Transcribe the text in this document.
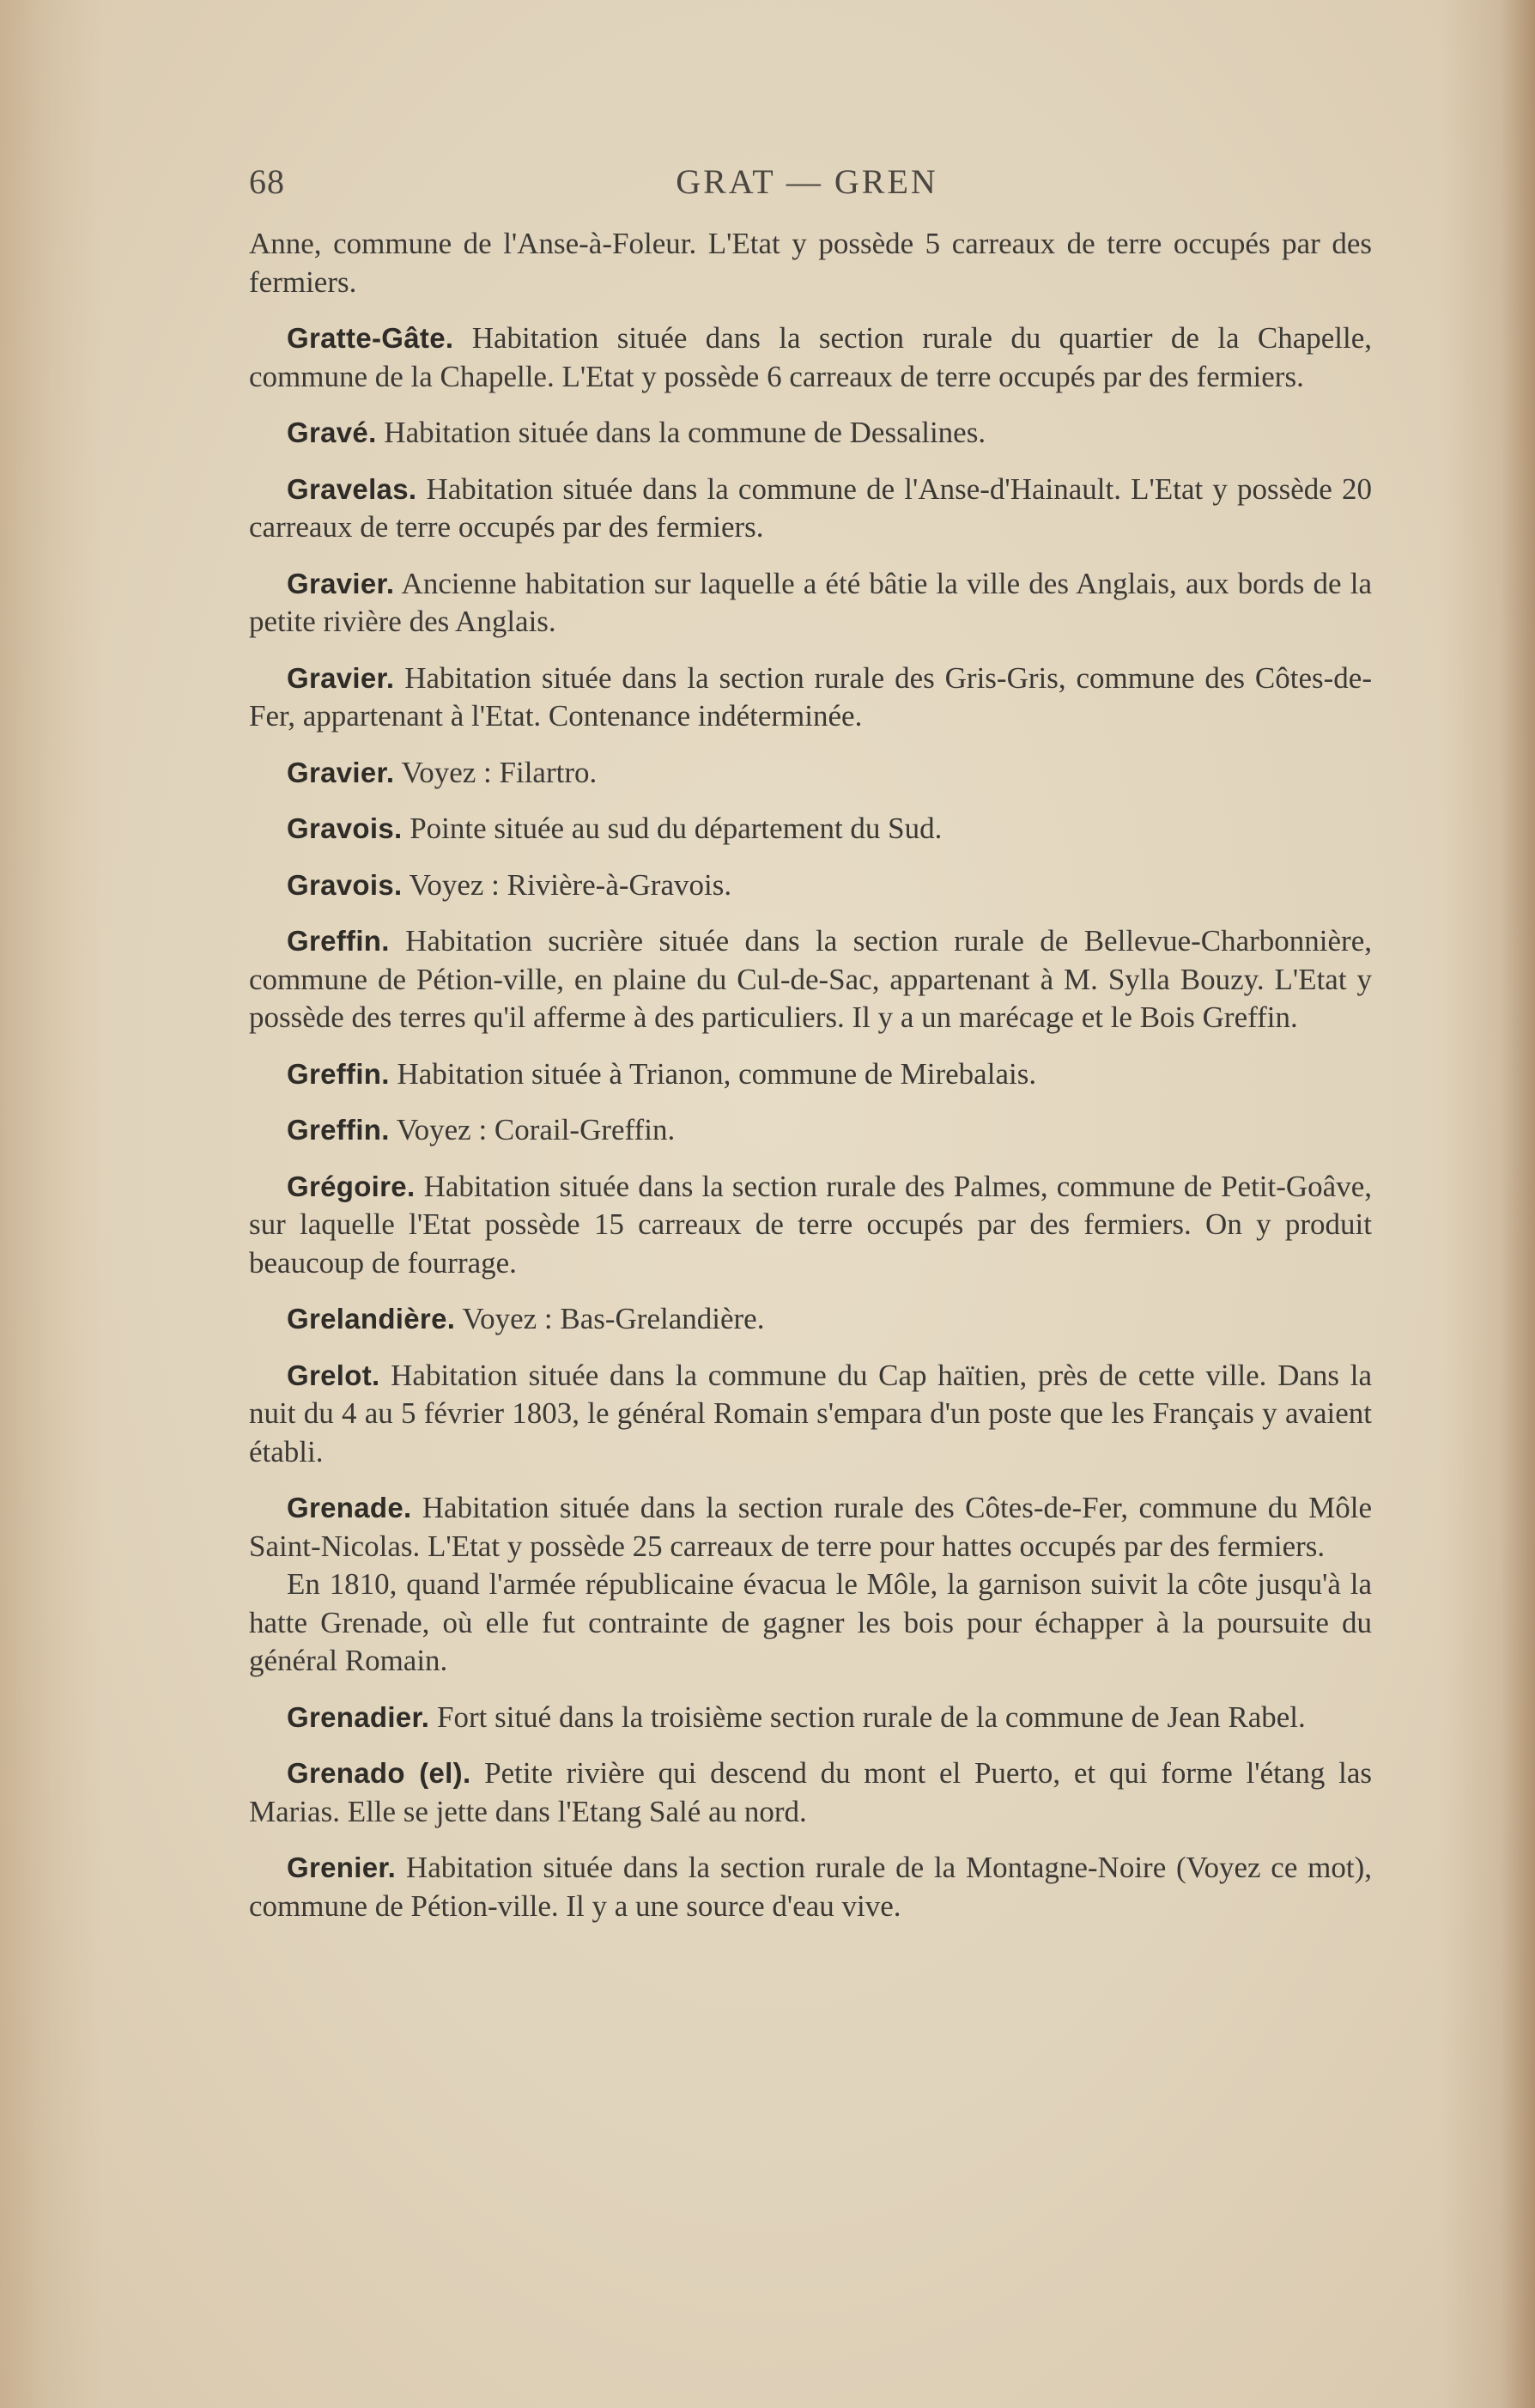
68	GRAT — GREN

Anne, commune de l'Anse-à-Foleur. L'Etat y possède 5 carreaux de terre occupés par des fermiers.

Gratte-Gâte. Habitation située dans la section rurale du quartier de la Chapelle, commune de la Chapelle. L'Etat y possède 6 carreaux de terre occupés par des fermiers.

Gravé. Habitation située dans la commune de Dessalines.

Gravelas. Habitation située dans la commune de l'Anse-d'Hainault. L'Etat y possède 20 carreaux de terre occupés par des fermiers.

Gravier. Ancienne habitation sur laquelle a été bâtie la ville des Anglais, aux bords de la petite rivière des Anglais.

Gravier. Habitation située dans la section rurale des Gris-Gris, commune des Côtes-de-Fer, appartenant à l'Etat. Contenance indéterminée.

Gravier. Voyez : Filartro.

Gravois. Pointe située au sud du département du Sud.

Gravois. Voyez : Rivière-à-Gravois.

Greffin. Habitation sucrière située dans la section rurale de Bellevue-Charbonnière, commune de Pétion-ville, en plaine du Cul-de-Sac, appartenant à M. Sylla Bouzy. L'Etat y possède des terres qu'il afferme à des particuliers. Il y a un marécage et le Bois Greffin.

Greffin. Habitation située à Trianon, commune de Mirebalais.

Greffin. Voyez : Corail-Greffin.

Grégoire. Habitation située dans la section rurale des Palmes, commune de Petit-Goâve, sur laquelle l'Etat possède 15 carreaux de terre occupés par des fermiers. On y produit beaucoup de fourrage.

Grelandière. Voyez : Bas-Grelandière.

Grelot. Habitation située dans la commune du Cap haïtien, près de cette ville. Dans la nuit du 4 au 5 février 1803, le général Romain s'empara d'un poste que les Français y avaient établi.

Grenade. Habitation située dans la section rurale des Côtes-de-Fer, commune du Môle Saint-Nicolas. L'Etat y possède 25 carreaux de terre pour hattes occupés par des fermiers.
En 1810, quand l'armée républicaine évacua le Môle, la garnison suivit la côte jusqu'à la hatte Grenade, où elle fut contrainte de gagner les bois pour échapper à la poursuite du général Romain.

Grenadier. Fort situé dans la troisième section rurale de la commune de Jean Rabel.

Grenado (el). Petite rivière qui descend du mont el Puerto, et qui forme l'étang las Marias. Elle se jette dans l'Etang Salé au nord.

Grenier. Habitation située dans la section rurale de la Montagne-Noire (Voyez ce mot), commune de Pétion-ville. Il y a une source d'eau vive.
